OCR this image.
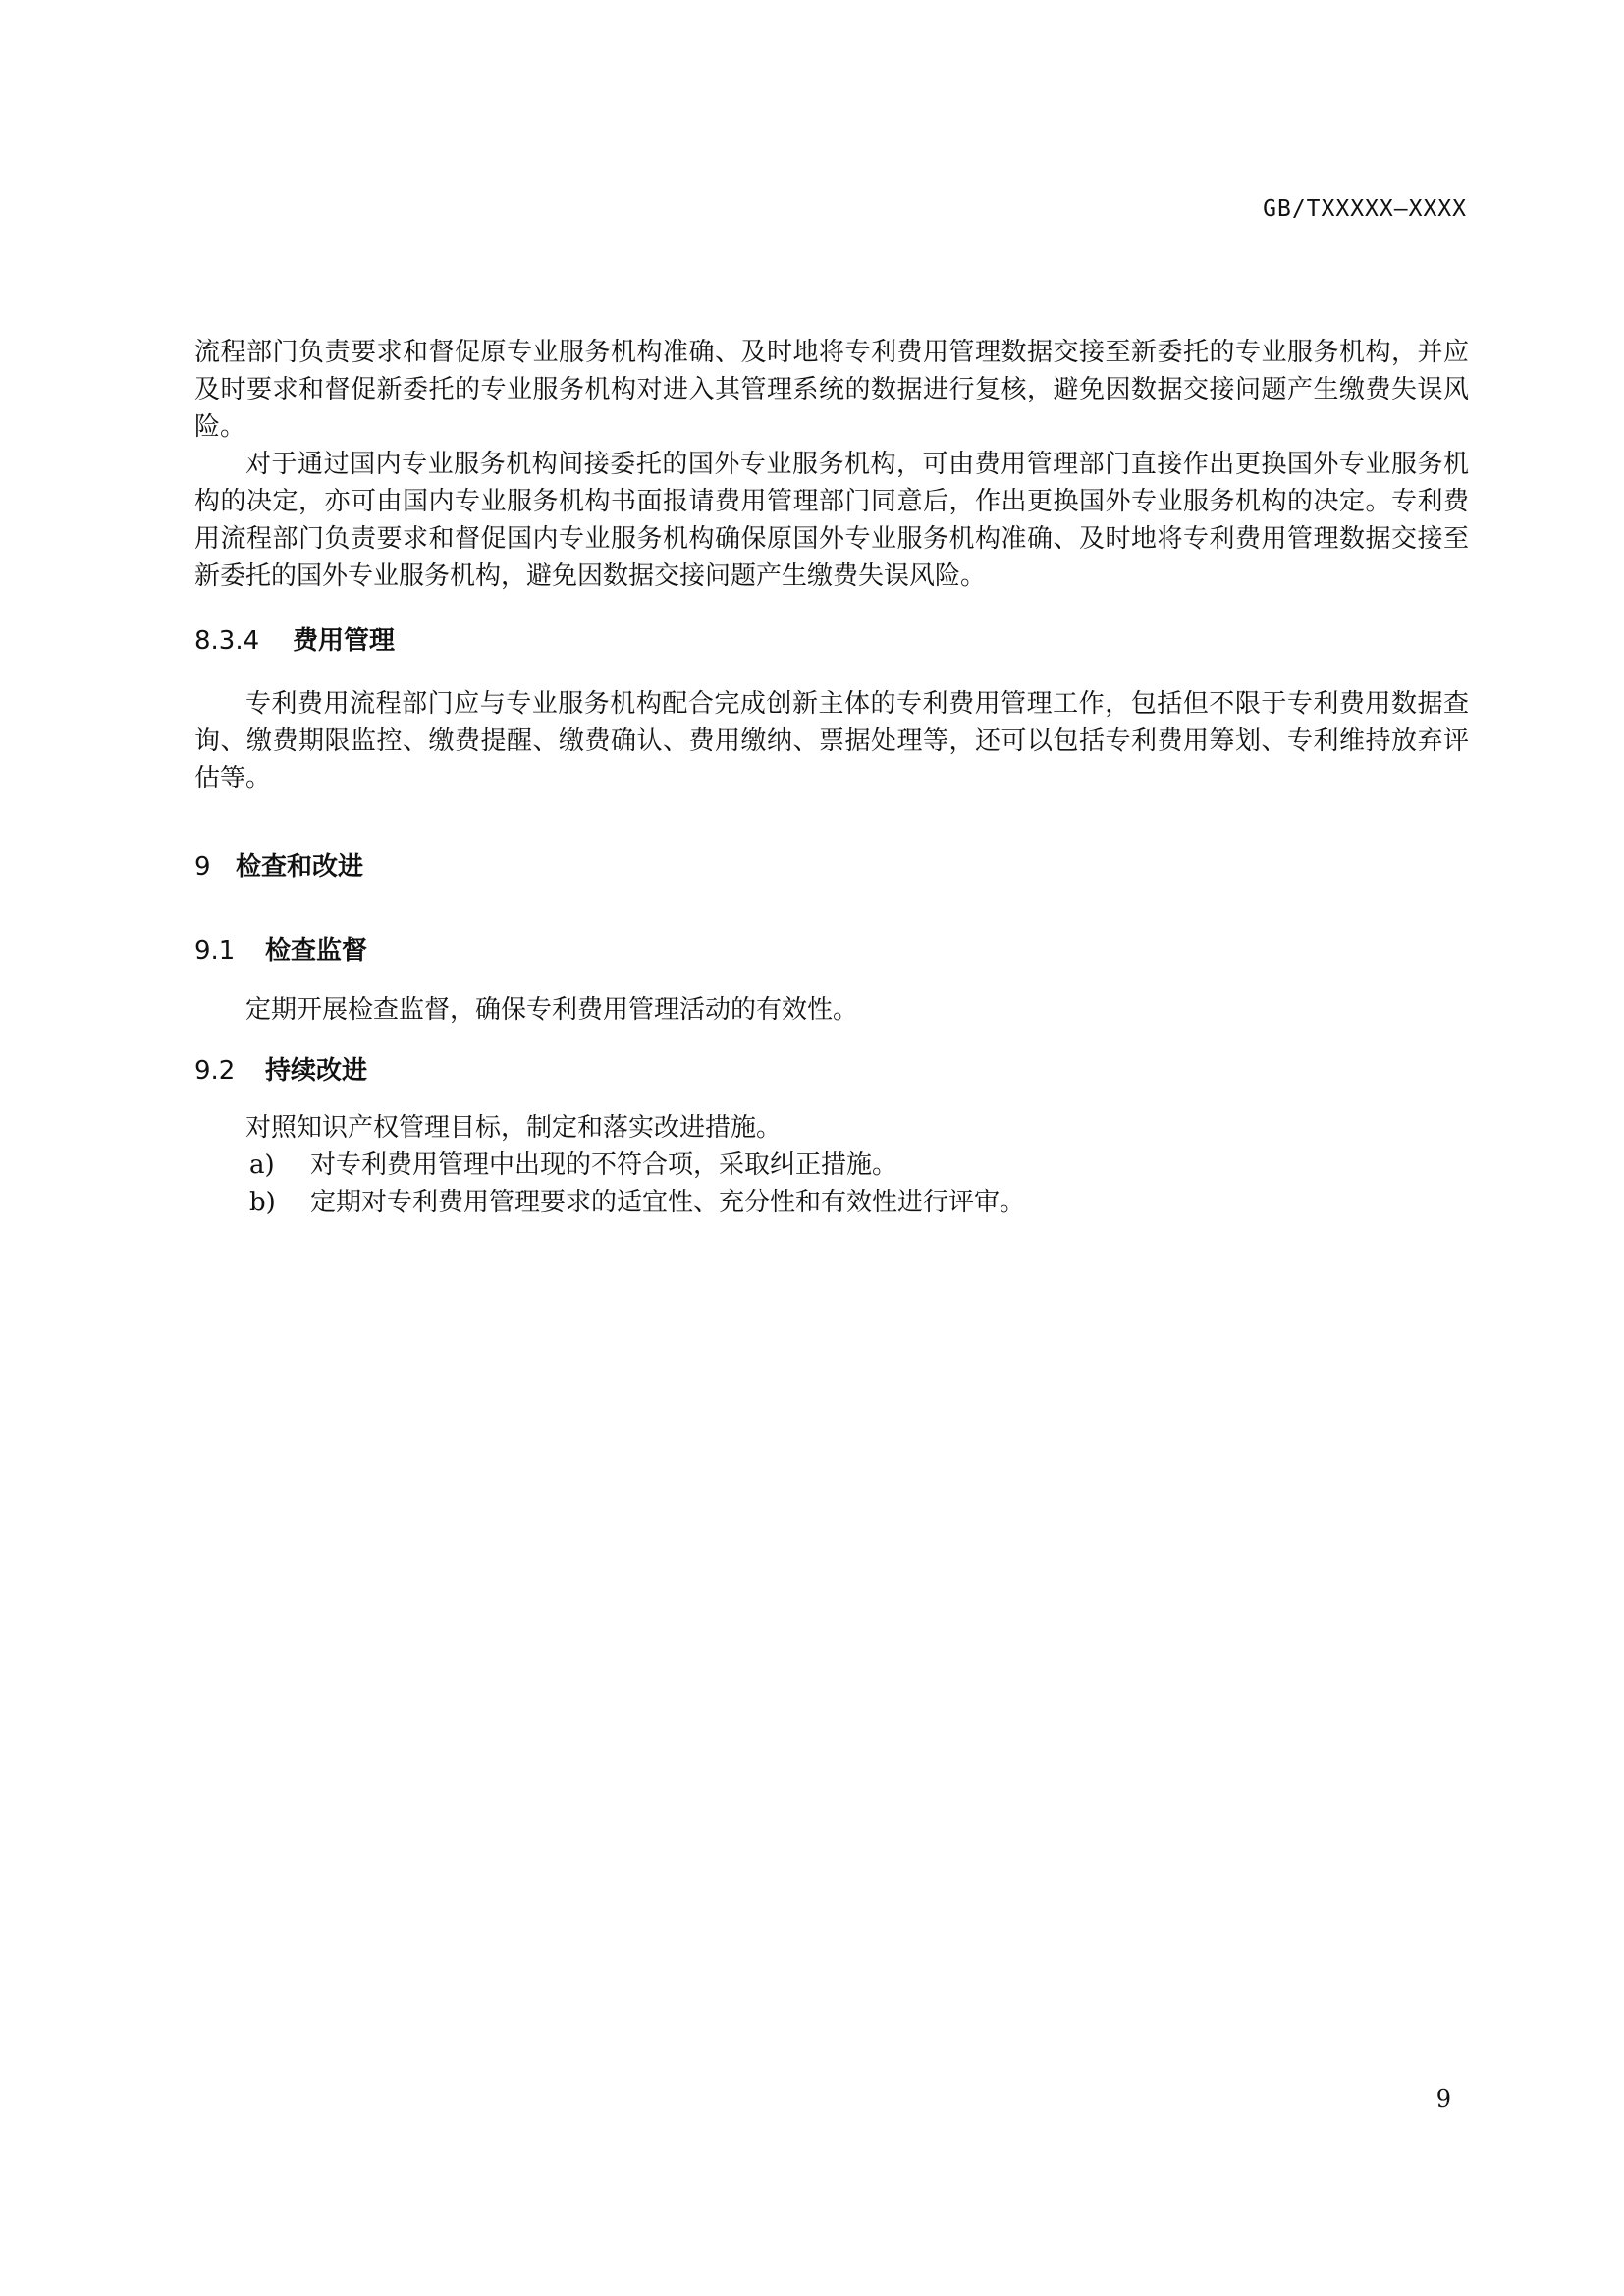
GB/TXXXXX—XXXX

流程部门负责要求和督促原专业服务机构准确、及时地将专利费用管理数据交接至新委托的专业服务机构，并应及时要求和督促新委托的专业服务机构对进入其管理系统的数据进行复核，避免因数据交接问题产生缴费失误风险。

对于通过国内专业服务机构间接委托的国外专业服务机构，可由费用管理部门直接作出更换国外专业服务机构的决定，亦可由国内专业服务机构书面报请费用管理部门同意后，作出更换国外专业服务机构的决定。专利费用流程部门负责要求和督促国内专业服务机构确保原国外专业服务机构准确、及时地将专利费用管理数据交接至新委托的国外专业服务机构，避免因数据交接问题产生缴费失误风险。

8.3.4 费用管理

专利费用流程部门应与专业服务机构配合完成创新主体的专利费用管理工作，包括但不限于专利费用数据查询、缴费期限监控、缴费提醒、缴费确认、费用缴纳、票据处理等，还可以包括专利费用筹划、专利维持放弃评估等。

9 检查和改进

9.1 检查监督

定期开展检查监督，确保专利费用管理活动的有效性。

9.2 持续改进

对照知识产权管理目标，制定和落实改进措施。

a)	对专利费用管理中出现的不符合项，采取纠正措施。

b)	定期对专利费用管理要求的适宜性、充分性和有效性进行评审。

9
